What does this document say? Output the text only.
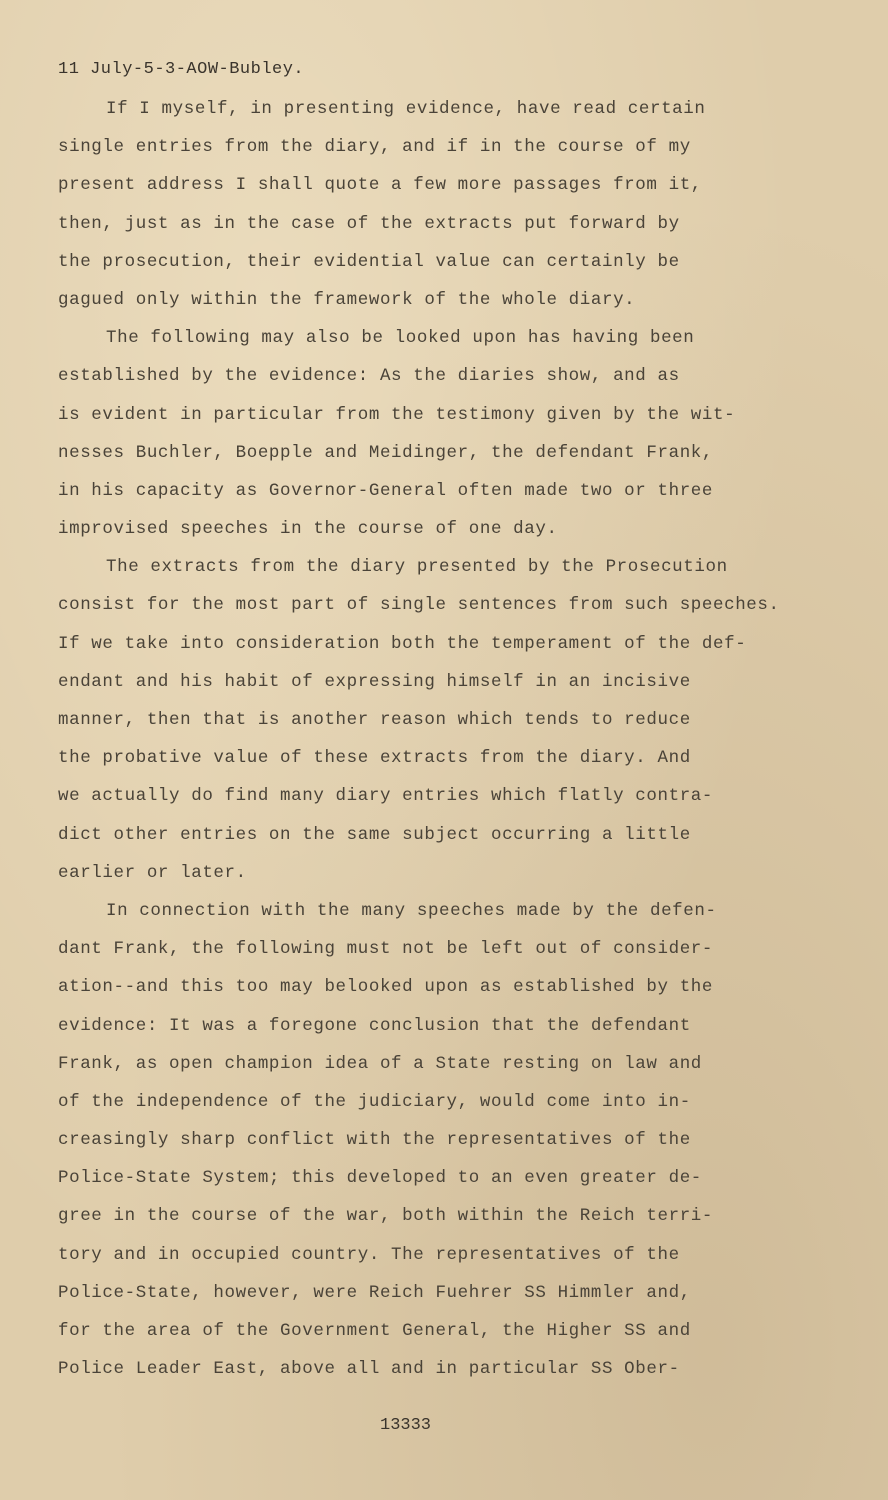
11 July-5-3-AOW-Bubley.
If I myself, in presenting evidence, have read certain
single entries from the diary, and if in the course of my
present address I shall quote a few more passages from it,
then, just as in the case of the extracts put forward by
the prosecution, their evidential value can certainly be
gagued only within the framework of the whole diary.
The following may also be looked upon has having been
established by the evidence: As the diaries show, and as
is evident in particular from the testimony given by the wit-
nesses Buchler, Boepple and Meidinger, the defendant Frank,
in his capacity as Governor-General often made two or three
improvised speeches in the course of one day.
The extracts from the diary presented by the Prosecution
consist for the most part of single sentences from such speeches.
If we take into consideration both the temperament of the def-
endant and his habit of expressing himself in an incisive
manner, then that is another reason which tends to reduce
the probative value of these extracts from the diary. And
we actually do find many diary entries which flatly contra-
dict other entries on the same subject occurring a little
earlier or later.
In connection with the many speeches made by the defen-
dant Frank, the following must not be left out of consider-
ation--and this too may belooked upon as established by the
evidence: It was a foregone conclusion that the defendant
Frank, as open champion idea of a State resting on law and
of the independence of the judiciary, would come into in-
creasingly sharp conflict with the representatives of the
Police-State System; this developed to an even greater de-
gree in the course of the war, both within the Reich terri-
tory and in occupied country. The representatives of the
Police-State, however, were Reich Fuehrer SS Himmler and,
for the area of the Government General, the Higher SS and
Police Leader East, above all and in particular SS Ober-
13333
